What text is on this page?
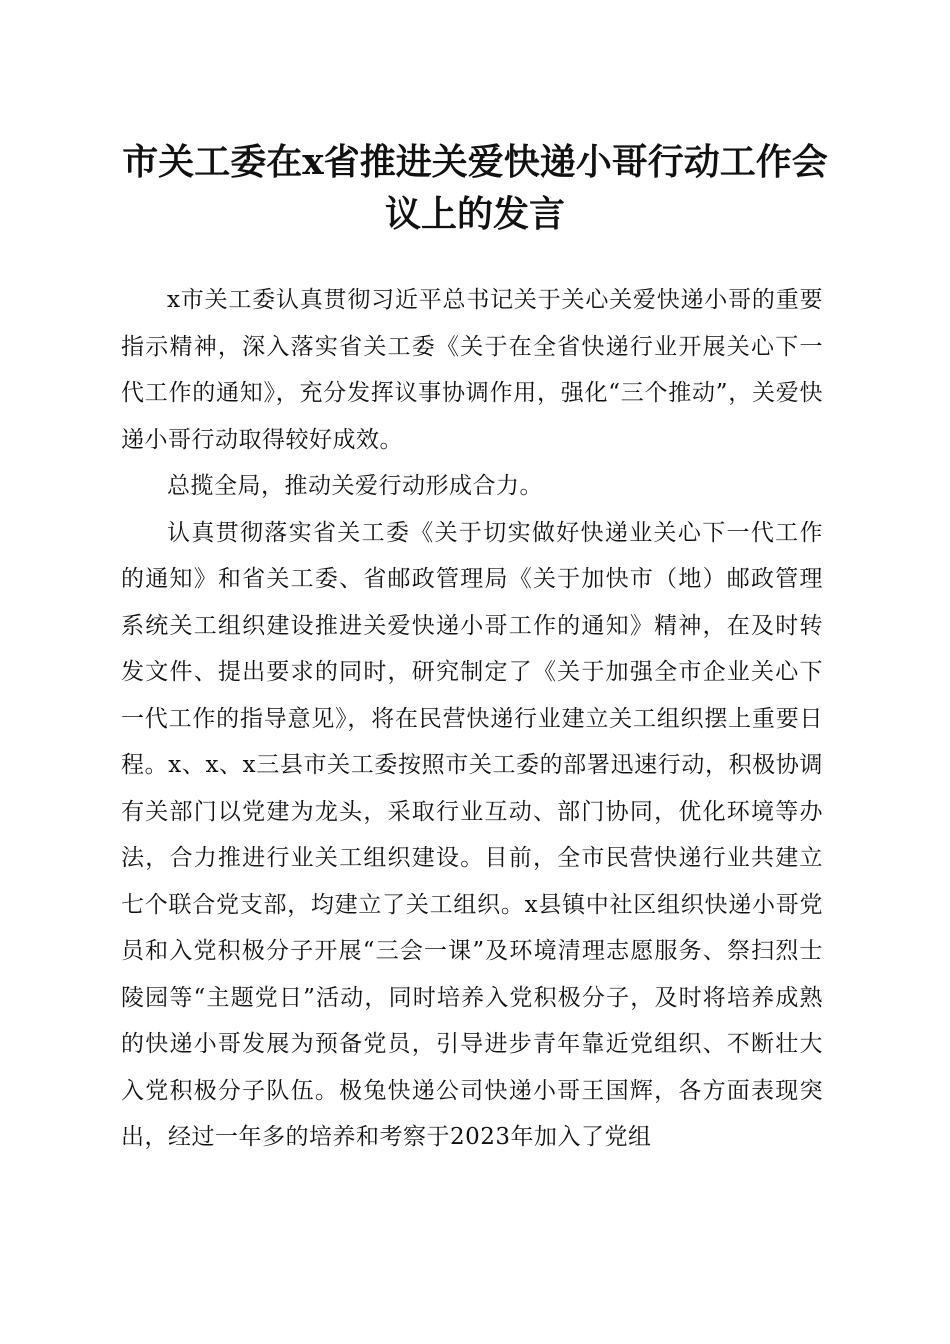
市关工委在x省推进关爱快递小哥行动工作会议上的发言

x市关工委认真贯彻习近平总书记关于关心关爱快递小哥的重要指示精神，深入落实省关工委《关于在全省快递行业开展关心下一代工作的通知》，充分发挥议事协调作用，强化“三个推动”，关爱快递小哥行动取得较好成效。

总揽全局，推动关爱行动形成合力。

认真贯彻落实省关工委《关于切实做好快递业关心下一代工作的通知》和省关工委、省邮政管理局《关于加快市（地）邮政管理系统关工组织建设推进关爱快递小哥工作的通知》精神，在及时转发文件、提出要求的同时，研究制定了《关于加强全市企业关心下一代工作的指导意见》，将在民营快递行业建立关工组织摆上重要日程。x、x、x三县市关工委按照市关工委的部署迅速行动，积极协调有关部门以党建为龙头，采取行业互动、部门协同，优化环境等办法，合力推进行业关工组织建设。目前，全市民营快递行业共建立七个联合党支部，均建立了关工组织。x县镇中社区组织快递小哥党员和入党积极分子开展“三会一课”及环境清理志愿服务、祭扫烈士陵园等“主题党日”活动，同时培养入党积极分子，及时将培养成熟的快递小哥发展为预备党员，引导进步青年靠近党组织、不断壮大入党积极分子队伍。极兔快递公司快递小哥王国辉，各方面表现突出，经过一年多的培养和考察于2023年加入了党组
